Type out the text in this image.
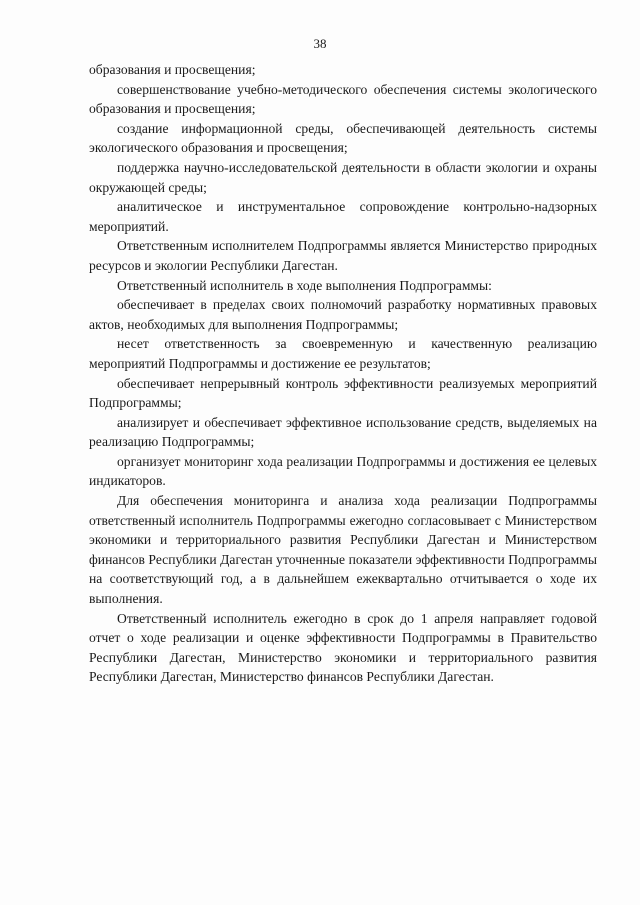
38

образования и просвещения;

совершенствование учебно-методического обеспечения системы экологического образования и просвещения;

создание информационной среды, обеспечивающей деятельность системы экологического образования и просвещения;

поддержка научно-исследовательской деятельности в области экологии и охраны окружающей среды;

аналитическое и инструментальное сопровождение контрольно-надзорных мероприятий.

Ответственным исполнителем Подпрограммы является Министерство природных ресурсов и экологии Республики Дагестан.

Ответственный исполнитель в ходе выполнения Подпрограммы:

обеспечивает в пределах своих полномочий разработку нормативных правовых актов, необходимых для выполнения Подпрограммы;

несет ответственность за своевременную и качественную реализацию мероприятий Подпрограммы и достижение ее результатов;

обеспечивает непрерывный контроль эффективности реализуемых мероприятий Подпрограммы;

анализирует и обеспечивает эффективное использование средств, выделяемых на реализацию Подпрограммы;

организует мониторинг хода реализации Подпрограммы и достижения ее целевых индикаторов.

Для обеспечения мониторинга и анализа хода реализации Подпрограммы ответственный исполнитель Подпрограммы ежегодно согласовывает с Министерством экономики и территориального развития Республики Дагестан и Министерством финансов Республики Дагестан уточненные показатели эффективности Подпрограммы на соответствующий год, а в дальнейшем ежеквартально отчитывается о ходе их выполнения.

Ответственный исполнитель ежегодно в срок до 1 апреля направляет годовой отчет о ходе реализации и оценке эффективности Подпрограммы в Правительство Республики Дагестан, Министерство экономики и территориального развития Республики Дагестан, Министерство финансов Республики Дагестан.
